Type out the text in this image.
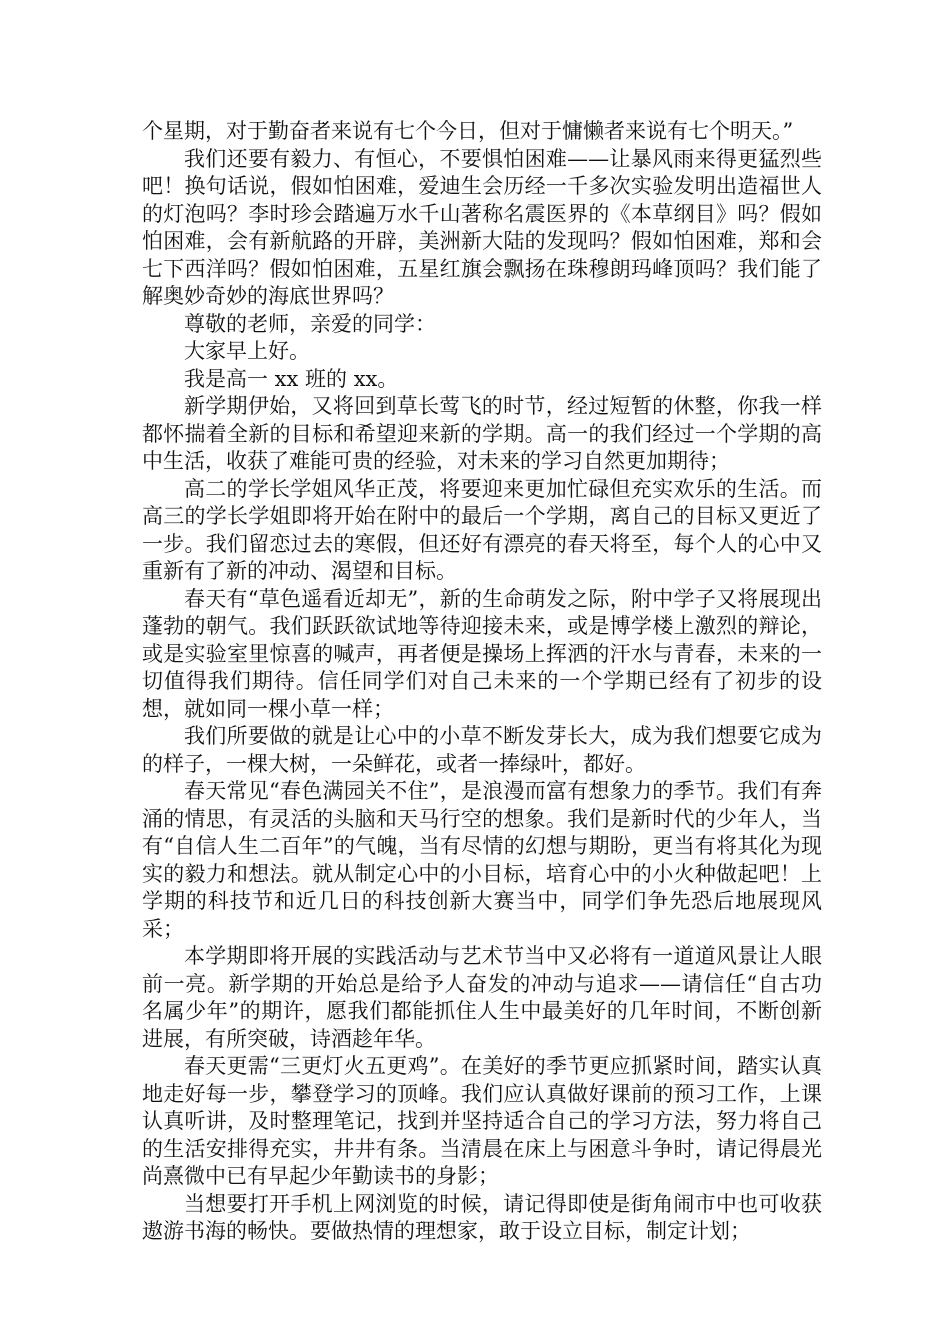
个星期，对于勤奋者来说有七个今日，但对于慵懒者来说有七个明天。”

我们还要有毅力、有恒心，不要惧怕困难——让暴风雨来得更猛烈些吧！换句话说，假如怕困难，爱迪生会历经一千多次实验发明出造福世人的灯泡吗？李时珍会踏遍万水千山著称名震医界的《本草纲目》吗？假如怕困难，会有新航路的开辟，美洲新大陆的发现吗？假如怕困难，郑和会七下西洋吗？假如怕困难，五星红旗会飘扬在珠穆朗玛峰顶吗？我们能了解奥妙奇妙的海底世界吗？

尊敬的老师，亲爱的同学：

大家早上好。

我是高一 xx 班的 xx。

新学期伊始，又将回到草长莺飞的时节，经过短暂的休整，你我一样都怀揣着全新的目标和希望迎来新的学期。高一的我们经过一个学期的高中生活，收获了难能可贵的经验，对未来的学习自然更加期待；

高二的学长学姐风华正茂，将要迎来更加忙碌但充实欢乐的生活。而高三的学长学姐即将开始在附中的最后一个学期，离自己的目标又更近了一步。我们留恋过去的寒假，但还好有漂亮的春天将至，每个人的心中又重新有了新的冲动、渴望和目标。

春天有“草色遥看近却无”，新的生命萌发之际，附中学子又将展现出蓬勃的朝气。我们跃跃欲试地等待迎接未来，或是博学楼上激烈的辩论，或是实验室里惊喜的喊声，再者便是操场上挥洒的汗水与青春，未来的一切值得我们期待。信任同学们对自己未来的一个学期已经有了初步的设想，就如同一棵小草一样；

我们所要做的就是让心中的小草不断发芽长大，成为我们想要它成为的样子，一棵大树，一朵鲜花，或者一捧绿叶，都好。

春天常见“春色满园关不住”，是浪漫而富有想象力的季节。我们有奔涌的情思，有灵活的头脑和天马行空的想象。我们是新时代的少年人，当有“自信人生二百年”的气魄，当有尽情的幻想与期盼，更当有将其化为现实的毅力和想法。就从制定心中的小目标，培育心中的小火种做起吧！上学期的科技节和近几日的科技创新大赛当中，同学们争先恐后地展现风采；

本学期即将开展的实践活动与艺术节当中又必将有一道道风景让人眼前一亮。新学期的开始总是给予人奋发的冲动与追求——请信任“自古功名属少年”的期许，愿我们都能抓住人生中最美好的几年时间，不断创新进展，有所突破，诗酒趁年华。

春天更需“三更灯火五更鸡”。在美好的季节更应抓紧时间，踏实认真地走好每一步，攀登学习的顶峰。我们应认真做好课前的预习工作，上课认真听讲，及时整理笔记，找到并坚持适合自己的学习方法，努力将自己的生活安排得充实，井井有条。当清晨在床上与困意斗争时，请记得晨光尚熹微中已有早起少年勤读书的身影；

当想要打开手机上网浏览的时候，请记得即使是街角闹市中也可收获遨游书海的畅快。要做热情的理想家，敢于设立目标，制定计划；
